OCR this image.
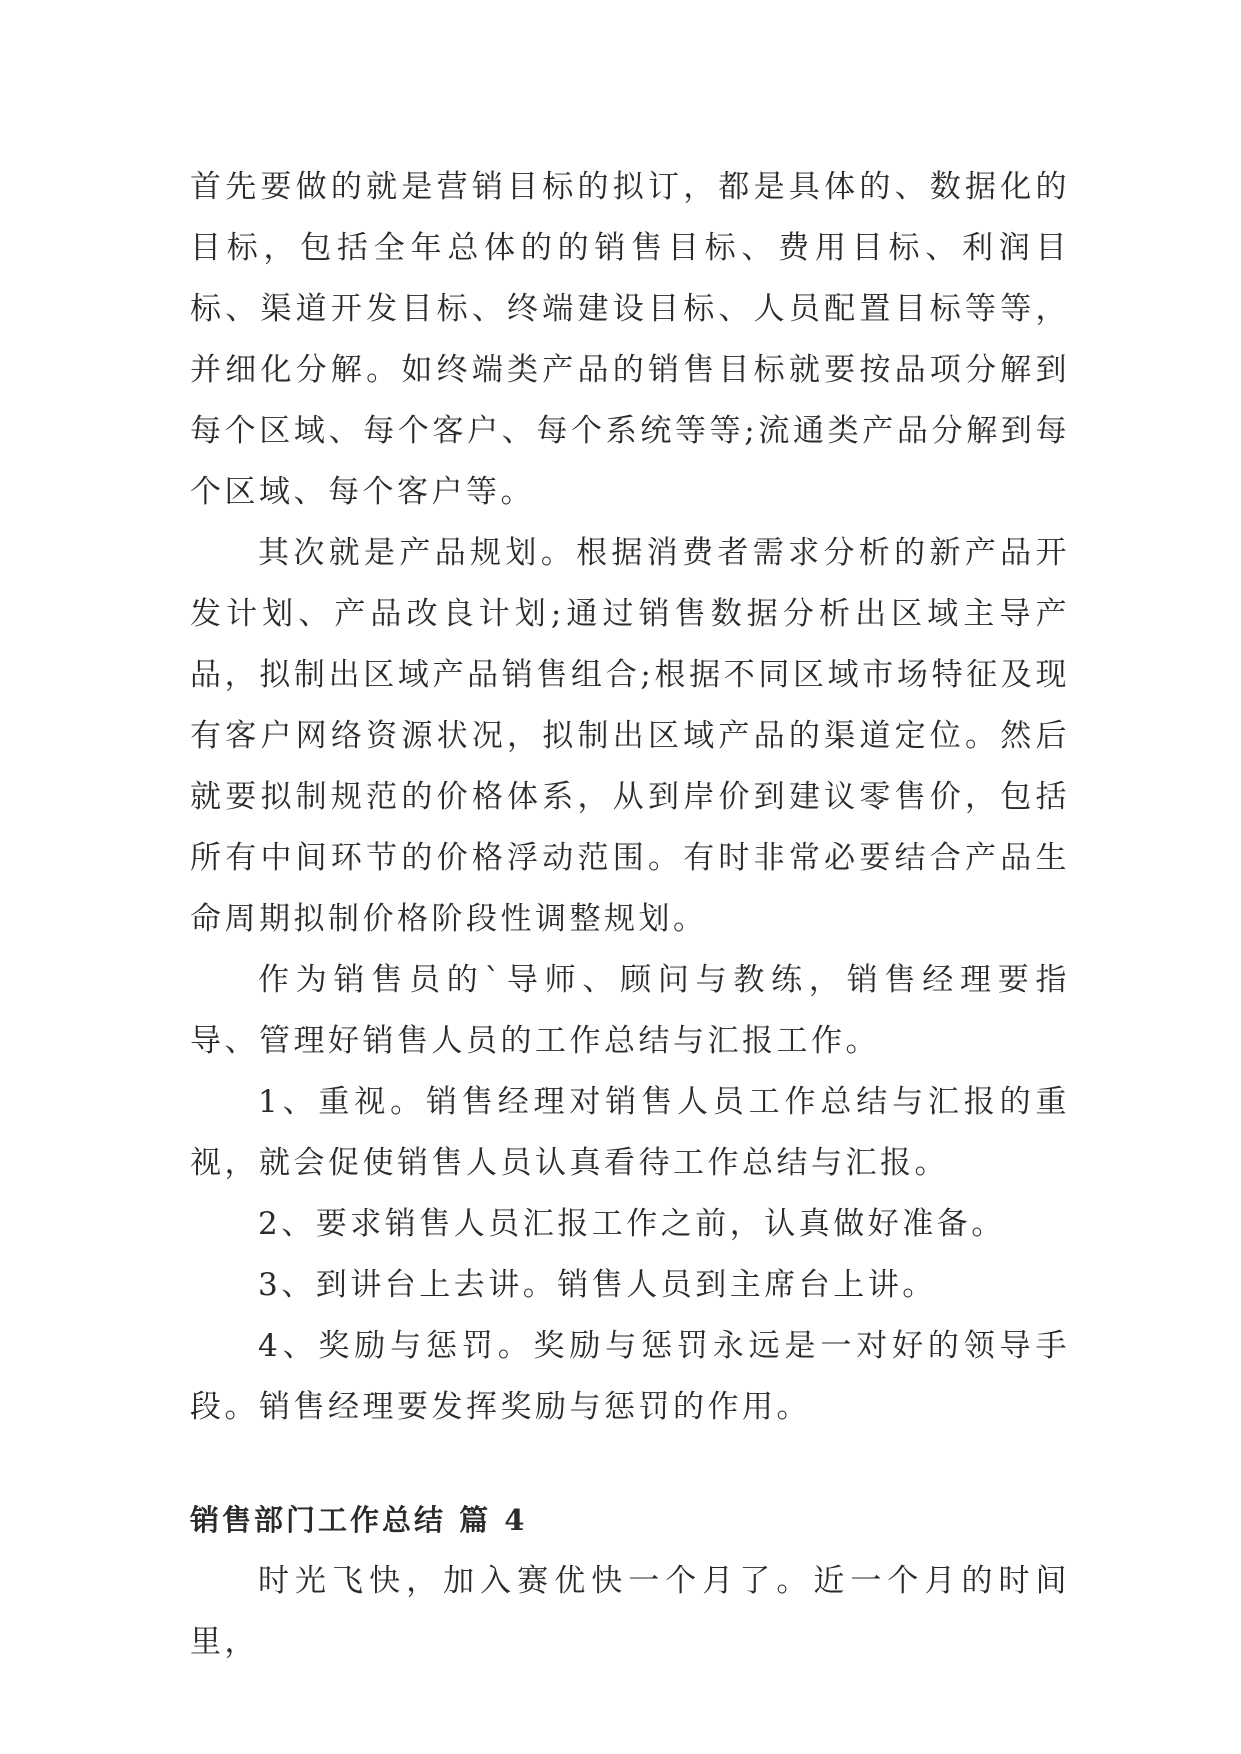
首先要做的就是营销目标的拟订，都是具体的、数据化的目标，包括全年总体的的销售目标、费用目标、利润目标、渠道开发目标、终端建设目标、人员配置目标等等，并细化分解。如终端类产品的销售目标就要按品项分解到每个区域、每个客户、每个系统等等;流通类产品分解到每个区域、每个客户等。

其次就是产品规划。根据消费者需求分析的新产品开发计划、产品改良计划;通过销售数据分析出区域主导产品，拟制出区域产品销售组合;根据不同区域市场特征及现有客户网络资源状况，拟制出区域产品的渠道定位。然后就要拟制规范的价格体系，从到岸价到建议零售价，包括所有中间环节的价格浮动范围。有时非常必要结合产品生命周期拟制价格阶段性调整规划。

作为销售员的`导师、顾问与教练，销售经理要指导、管理好销售人员的工作总结与汇报工作。

1、重视。销售经理对销售人员工作总结与汇报的重视，就会促使销售人员认真看待工作总结与汇报。

2、要求销售人员汇报工作之前，认真做好准备。

3、到讲台上去讲。销售人员到主席台上讲。

4、奖励与惩罚。奖励与惩罚永远是一对好的领导手段。销售经理要发挥奖励与惩罚的作用。

销售部门工作总结 篇 4

时光飞快，加入赛优快一个月了。近一个月的时间里，
